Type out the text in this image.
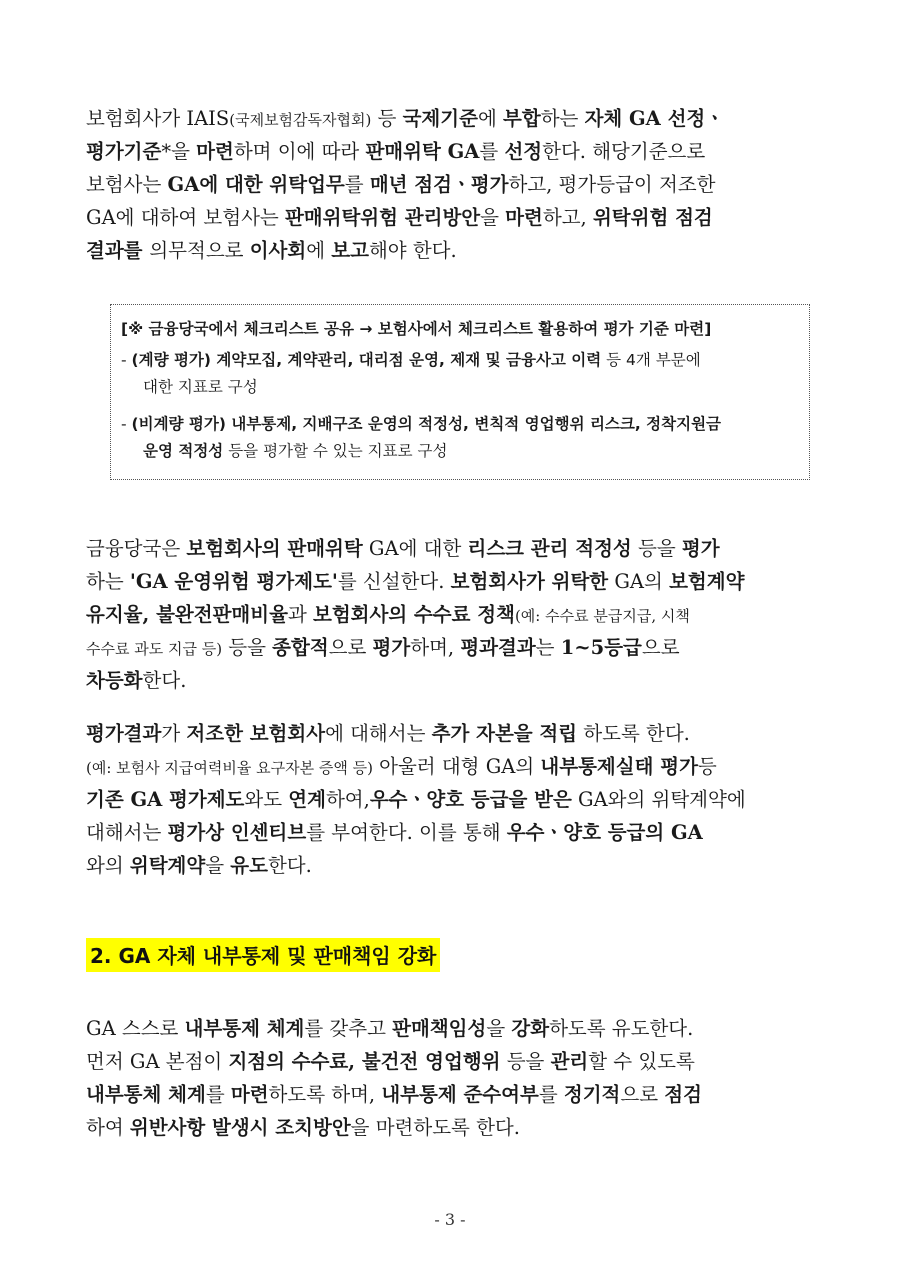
보험회사가 IAIS(국제보험감독자협회) 등 국제기준에 부합하는 자체 GA 선정ㆍ
평가기준*을 마련하며 이에 따라 판매위탁 GA를 선정한다. 해당기준으로
보험사는 GA에 대한 위탁업무를 매년 점검ㆍ평가하고, 평가등급이 저조한
GA에 대하여 보험사는 판매위탁위험 관리방안을 마련하고, 위탁위험 점검
결과를 의무적으로 이사회에 보고해야 한다.
[※ 금융당국에서 체크리스트 공유 → 보험사에서 체크리스트 활용하여 평가 기준 마련]
- (계량 평가) 계약모집, 계약관리, 대리점 운영, 제재 및 금융사고 이력 등 4개 부문에
대한 지표로 구성
- (비계량 평가) 내부통제, 지배구조 운영의 적정성, 변칙적 영업행위 리스크, 정착지원금
운영 적정성 등을 평가할 수 있는 지표로 구성
금융당국은 보험회사의 판매위탁 GA에 대한 리스크 관리 적정성 등을 평가
하는 'GA 운영위험 평가제도'를 신설한다. 보험회사가 위탁한 GA의 보험계약
유지율, 불완전판매비율과 보험회사의 수수료 정책(예: 수수료 분급지급, 시책
수수료 과도 지급 등) 등을 종합적으로 평가하며, 평과결과는 1~5등급으로
차등화한다.
평가결과가 저조한 보험회사에 대해서는 추가 자본을 적립 하도록 한다.
(예: 보험사 지급여력비율 요구자본 증액 등) 아울러 대형 GA의 내부통제실태 평가등
기존 GA 평가제도와도 연계하여,우수ㆍ양호 등급을 받은 GA와의 위탁계약에
대해서는 평가상 인센티브를 부여한다. 이를 통해 우수ㆍ양호 등급의 GA
와의 위탁계약을 유도한다.
2. GA 자체 내부통제 및 판매책임 강화
GA 스스로 내부통제 체계를 갖추고 판매책임성을 강화하도록 유도한다.
먼저 GA 본점이 지점의 수수료, 불건전 영업행위 등을 관리할 수 있도록
내부통체 체계를 마련하도록 하며, 내부통제 준수여부를 정기적으로 점검
하여 위반사항 발생시 조치방안을 마련하도록 한다.
- 3 -
